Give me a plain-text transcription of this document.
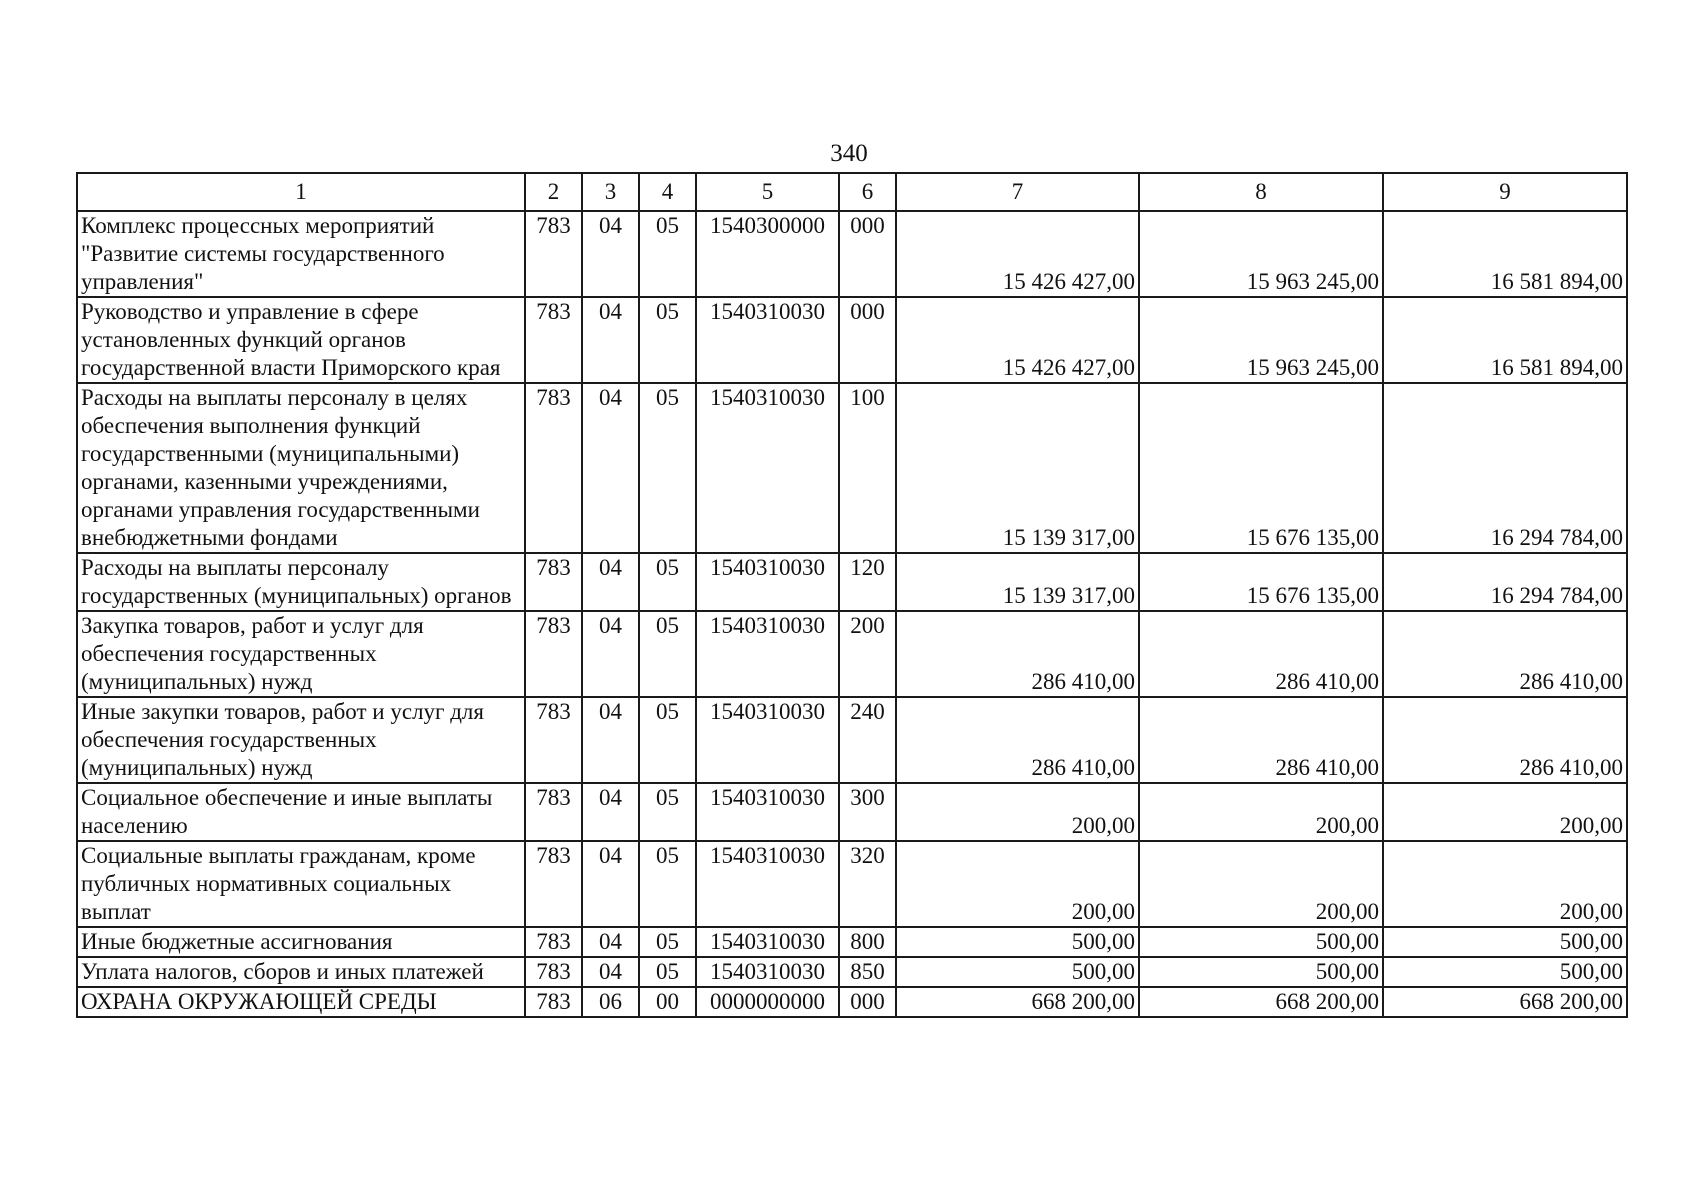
340
1	2	3	4	5	6	7	8	9
Комплекс процессных мероприятий "Развитие системы государственного управления"	783	04	05	1540300000	000	15 426 427,00	15 963 245,00	16 581 894,00
Руководство и управление в сфере установленных функций органов государственной власти Приморского края	783	04	05	1540310030	000	15 426 427,00	15 963 245,00	16 581 894,00
Расходы на выплаты персоналу в целях обеспечения выполнения функций государственными (муниципальными) органами, казенными учреждениями, органами управления государственными внебюджетными фондами	783	04	05	1540310030	100	15 139 317,00	15 676 135,00	16 294 784,00
Расходы на выплаты персоналу государственных (муниципальных) органов	783	04	05	1540310030	120	15 139 317,00	15 676 135,00	16 294 784,00
Закупка товаров, работ и услуг для обеспечения государственных (муниципальных) нужд	783	04	05	1540310030	200	286 410,00	286 410,00	286 410,00
Иные закупки товаров, работ и услуг для обеспечения государственных (муниципальных) нужд	783	04	05	1540310030	240	286 410,00	286 410,00	286 410,00
Социальное обеспечение и иные выплаты населению	783	04	05	1540310030	300	200,00	200,00	200,00
Социальные выплаты гражданам, кроме публичных нормативных социальных выплат	783	04	05	1540310030	320	200,00	200,00	200,00
Иные бюджетные ассигнования	783	04	05	1540310030	800	500,00	500,00	500,00
Уплата налогов, сборов и иных платежей	783	04	05	1540310030	850	500,00	500,00	500,00
ОХРАНА ОКРУЖАЮЩЕЙ СРЕДЫ	783	06	00	0000000000	000	668 200,00	668 200,00	668 200,00
